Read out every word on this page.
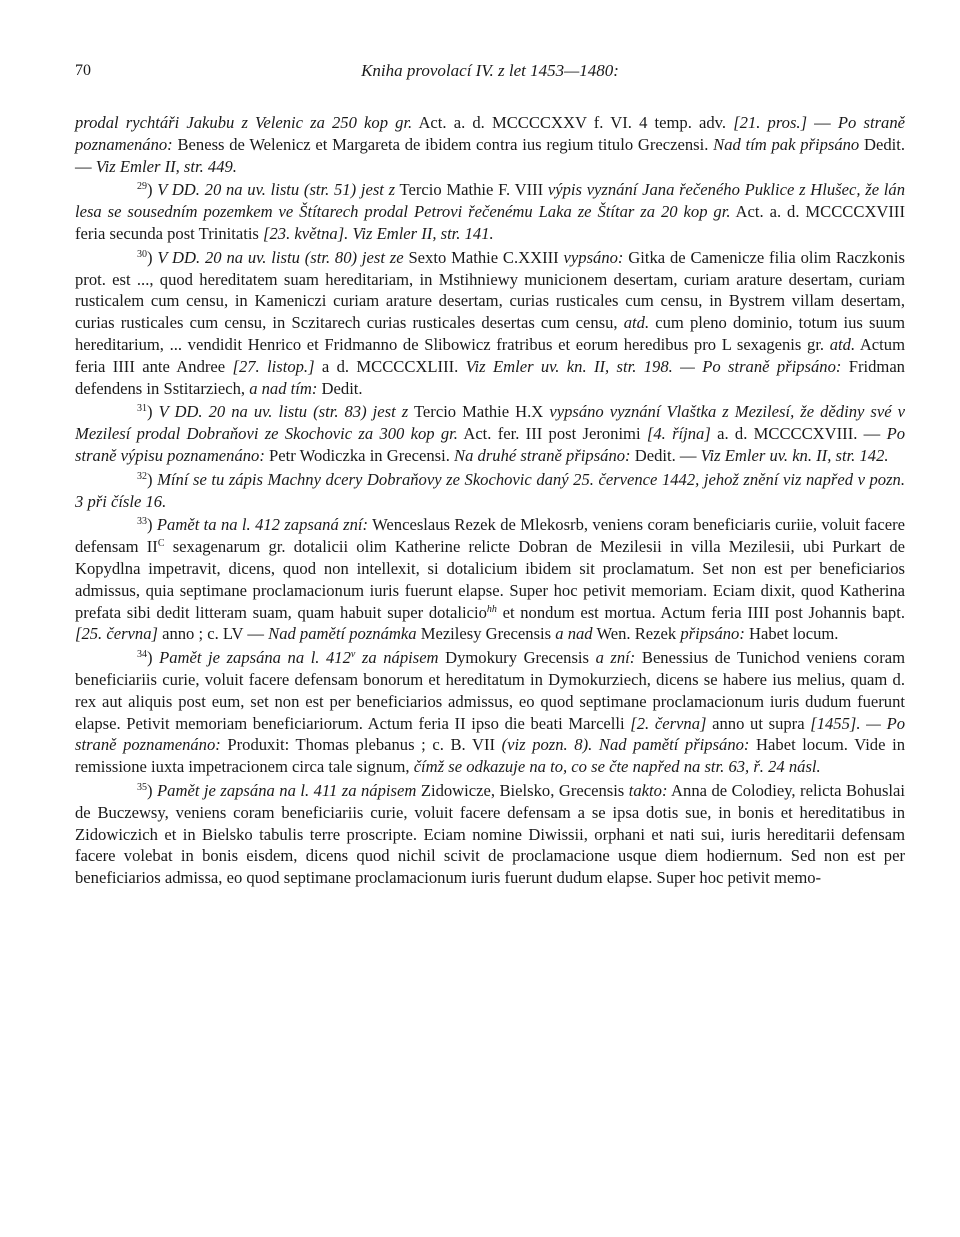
70	Kniha provolací IV. z let 1453—1480:

prodal rychtáři Jakubu z Velenic za 250 kop gr. Act. a. d. MCCCCXXV f. VI. 4 temp. adv. [21. pros.] — Po straně poznamenáno: Beness de Welenicz et Margareta de ibidem contra ius regium titulo Greczensi. Nad tím pak připsáno Dedit. — Viz Emler II, str. 449.

$^{29}$) V DD. 20 na uv. listu (str. 51) jest z Tercio Mathie F. VIII výpis vyznání Jana řečeného Puklice z Hlušec, že lán lesa se sousedním pozemkem ve Štítarech prodal Petrovi řečenému Laka ze Štítar za 20 kop gr. Act. a. d. MCCCCXVIII feria secunda post Trinitatis [23. května]. Viz Emler II, str. 141.

$^{30}$) V DD. 20 na uv. listu (str. 80) jest ze Sexto Mathie C.XXIII vypsáno: Gitka de Camenicze filia olim Raczkonis prot. est ..., quod hereditatem suam hereditariam, in Mstihniewy municionem desertam, curiam arature desertam, curiam rusticalem cum censu, in Kameniczi curiam arature desertam, curias rusticales cum censu, in Bystrem villam desertam, curias rusticales cum censu, in Sczitarech curias rusticales desertas cum censu, atd. cum pleno dominio, totum ius suum hereditarium, ... vendidit Henrico et Fridmanno de Slibowicz fratribus et eorum heredibus pro L sexagenis gr. atd. Actum feria IIII ante Andree [27. listop.] a d. MCCCCXLIII. Viz Emler uv. kn. II, str. 198. — Po straně připsáno: Fridman defendens in Sstitarziech, a nad tím: Dedit.

$^{31}$) V DD. 20 na uv. listu (str. 83) jest z Tercio Mathie H.X vypsáno vyznání Vlaštka z Mezilesí, že dědiny své v Mezilesí prodal Dobraňovi ze Skochovic za 300 kop gr. Act. fer. III post Jeronimi [4. října] a. d. MCCCCXVIII. — Po straně výpisu poznamenáno: Petr Wodiczka in Grecensi. Na druhé straně připsáno: Dedit. — Viz Emler uv. kn. II, str. 142.

$^{32}$) Míní se tu zápis Machny dcery Dobraňovy ze Skochovic daný 25. července 1442, jehož znění viz napřed v pozn. 3 při čísle 16.

$^{33}$) Pamět ta na l. 412 zapsaná zní: Wenceslaus Rezek de Mlekosrb, veniens coram beneficiaris curiie, voluit facere defensam $II^C$ sexagenarum gr. dotalicii olim Katherine relicte Dobran de Mezilesii in villa Mezilesii, ubi Purkart de Kopydlna impetravit, dicens, quod non intellexit, si dotalicium ibidem sit proclamatum. Set non est per beneficiarios admissus, quia septimane proclamacionum iuris fuerunt elapse. Super hoc petivit memoriam. Eciam dixit, quod Katherina prefata sibi dedit litteram suam, quam habuit super dotalicio$^{hh}$ et nondum est mortua. Actum feria IIII post Johannis bapt. [25. června] anno ; c. LV — Nad pamětí poznámka Mezilesy Grecensis a nad Wen. Rezek připsáno: Habet locum.

$^{34}$) Pamět je zapsána na l. 412$^v$ za nápisem Dymokury Grecensis a zní: Benessius de Tunichod veniens coram beneficiariis curie, voluit facere defensam bonorum et hereditatum in Dymokurziech, dicens se habere ius melius, quam d. rex aut aliquis post eum, set non est per beneficiarios admissus, eo quod septimane proclamacionum iuris dudum fuerunt elapse. Petivit memoriam beneficiariorum. Actum feria II ipso die beati Marcelli [2. června] anno ut supra [1455]. — Po straně poznamenáno: Produxit: Thomas plebanus ; c. B. VII (viz pozn. 8). Nad pamětí připsáno: Habet locum. Vide in remissione iuxta impetracionem circa tale signum, čímž se odkazuje na to, co se čte napřed na str. 63, ř. 24 násl.

$^{35}$) Pamět je zapsána na l. 411 za nápisem Zidowicze, Bielsko, Grecensis takto: Anna de Colodiey, relicta Bohuslai de Buczewsy, veniens coram beneficiariis curie, voluit facere defensam a se ipsa dotis sue, in bonis et hereditatibus in Zidowiczich et in Bielsko tabulis terre proscripte. Eciam nomine Diwissii, orphani et nati sui, iuris hereditarii defensam facere volebat in bonis eisdem, dicens quod nichil scivit de proclamacione usque diem hodiernum. Sed non est per beneficiarios admissa, eo quod septimane proclamacionum iuris fuerunt dudum elapse. Super hoc petivit memo-
